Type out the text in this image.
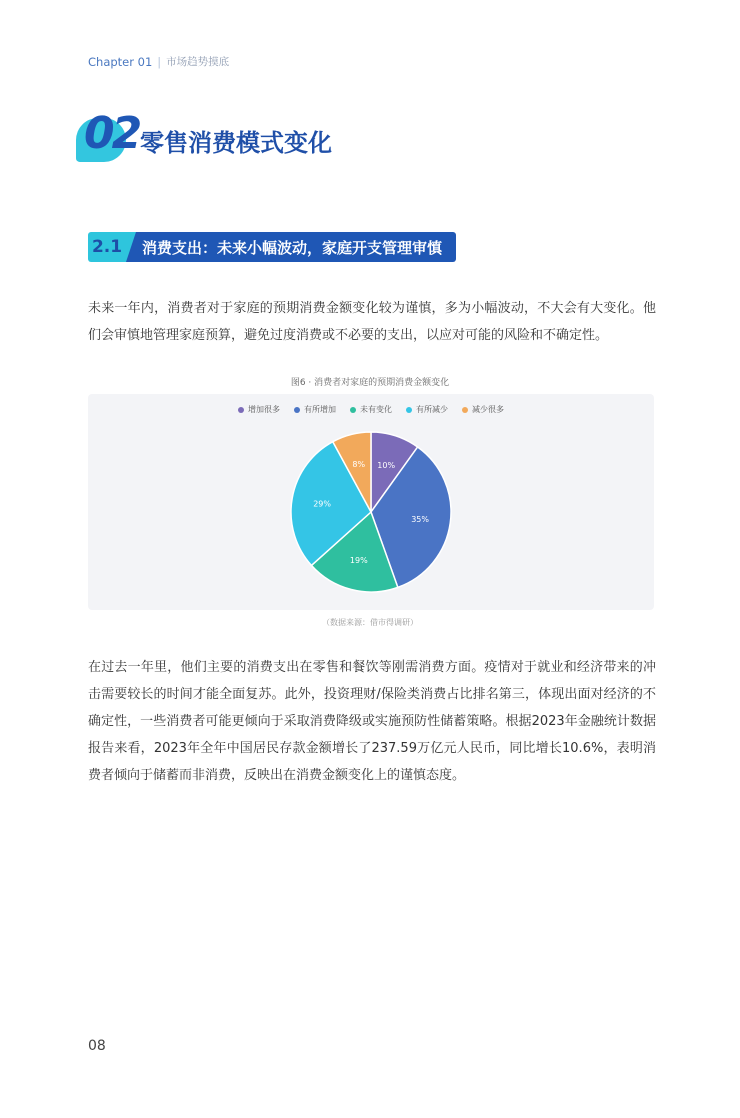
Chapter 01 | 市场趋势摸底
02 零售消费模式变化
2.1	消费支出：未来小幅波动，家庭开支管理审慎
未来一年内，消费者对于家庭的预期消费金额变化较为谨慎，多为小幅波动，不大会有大变化。他们会审慎地管理家庭预算，避免过度消费或不必要的支出，以应对可能的风险和不确定性。
图6 · 消费者对家庭的预期消费金额变化
增加很多	有所增加	未有变化	有所减少	减少很多
10%
35%
19%
29%
8%
（数据来源：借市得调研）
在过去一年里，他们主要的消费支出在零售和餐饮等刚需消费方面。疫情对于就业和经济带来的冲击需要较长的时间才能全面复苏。此外，投资理财/保险类消费占比排名第三，体现出面对经济的不确定性，一些消费者可能更倾向于采取消费降级或实施预防性储蓄策略。根据2023年金融统计数据报告来看，2023年全年中国居民存款金额增长了237.59万亿元人民币，同比增长10.6%，表明消费者倾向于储蓄而非消费，反映出在消费金额变化上的谨慎态度。
08
